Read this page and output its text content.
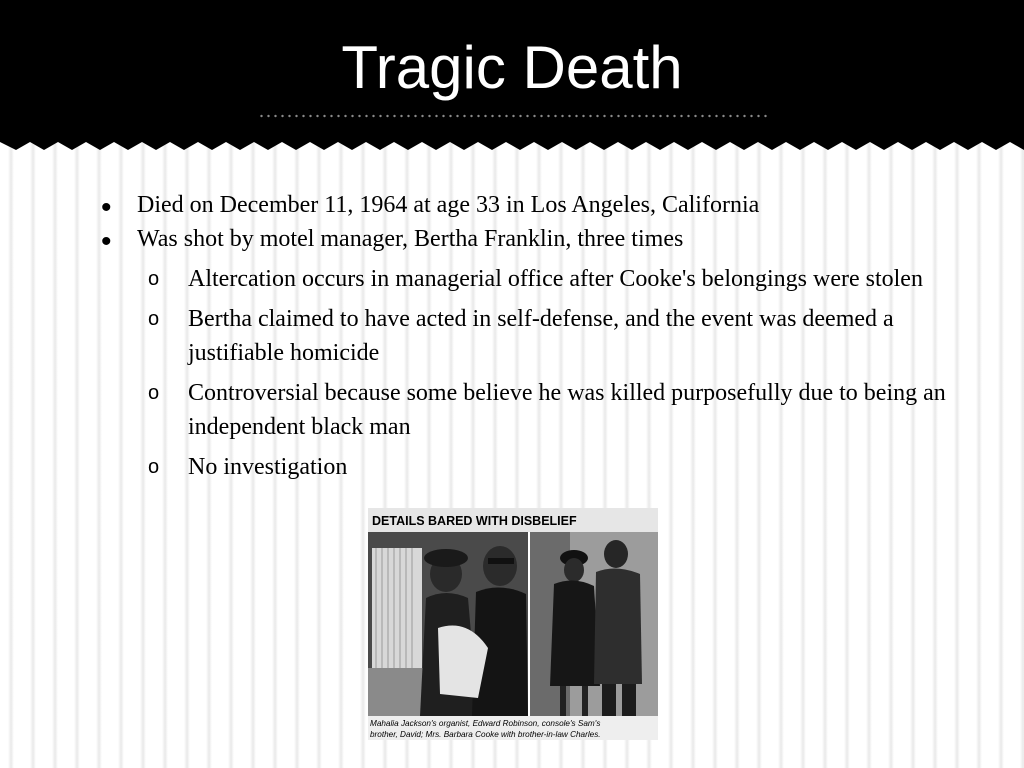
Tragic Death
• Died on December 11, 1964 at age 33 in Los Angeles, California
• Was shot by motel manager, Bertha Franklin, three times
o Altercation occurs in managerial office after Cooke's belongings were stolen
o Bertha claimed to have acted in self-defense, and the event was deemed a justifiable homicide
o Controversial because some believe he was killed purposefully due to being an independent black man
o No investigation
DETAILS BARED WITH DISBELIEF
Mahalia Jackson's organist, Edward Robinson, console's Sam's
brother, David; Mrs. Barbara Cooke with brother-in-law Charles.
